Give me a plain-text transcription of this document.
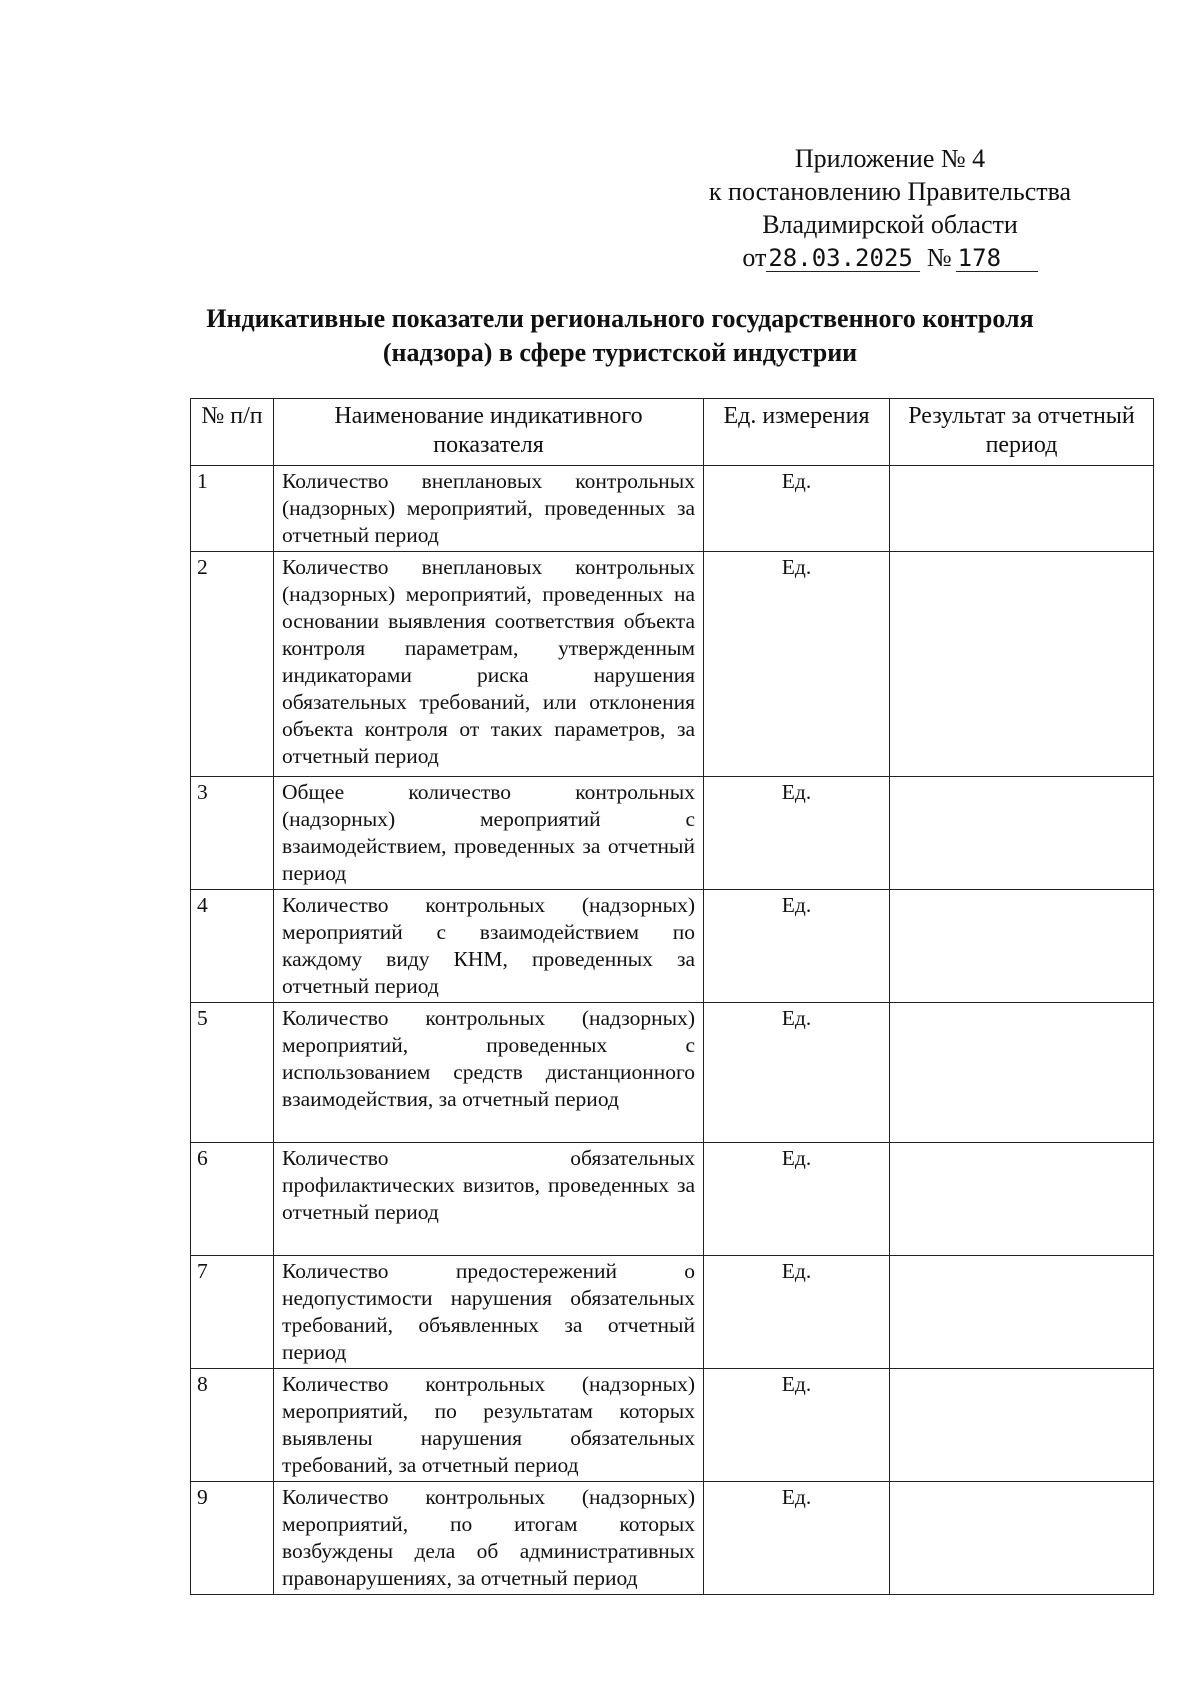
Приложение № 4
к постановлению Правительства
Владимирской области
от28.03.2025 № 178
Индикативные показатели регионального государственного контроля
(надзора) в сфере туристской индустрии
№ п/п	Наименование индикативного показателя	Ед. измерения	Результат за отчетный период
1	Количество внеплановых контрольных (надзорных) мероприятий, проведенных за отчетный период	Ед.	
2	Количество внеплановых контрольных (надзорных) мероприятий, проведенных на основании выявления соответствия объекта контроля параметрам, утвержденным индикаторами риска нарушения обязательных требований, или отклонения объекта контроля от таких параметров, за отчетный период	Ед.	
3	Общее количество контрольных (надзорных) мероприятий с взаимодействием, проведенных за отчетный период	Ед.	
4	Количество контрольных (надзорных) мероприятий с взаимодействием по каждому виду КНМ, проведенных за отчетный период	Ед.	
5	Количество контрольных (надзорных) мероприятий, проведенных с использованием средств дистанционного взаимодействия, за отчетный период	Ед.	
6	Количество обязательных профилактических визитов, проведенных за отчетный период	Ед.	
7	Количество предостережений о недопустимости нарушения обязательных требований, объявленных за отчетный период	Ед.	
8	Количество контрольных (надзорных) мероприятий, по результатам которых выявлены нарушения обязательных требований, за отчетный период	Ед.	
9	Количество контрольных (надзорных) мероприятий, по итогам которых возбуждены дела об административных правонарушениях, за отчетный период	Ед.	
